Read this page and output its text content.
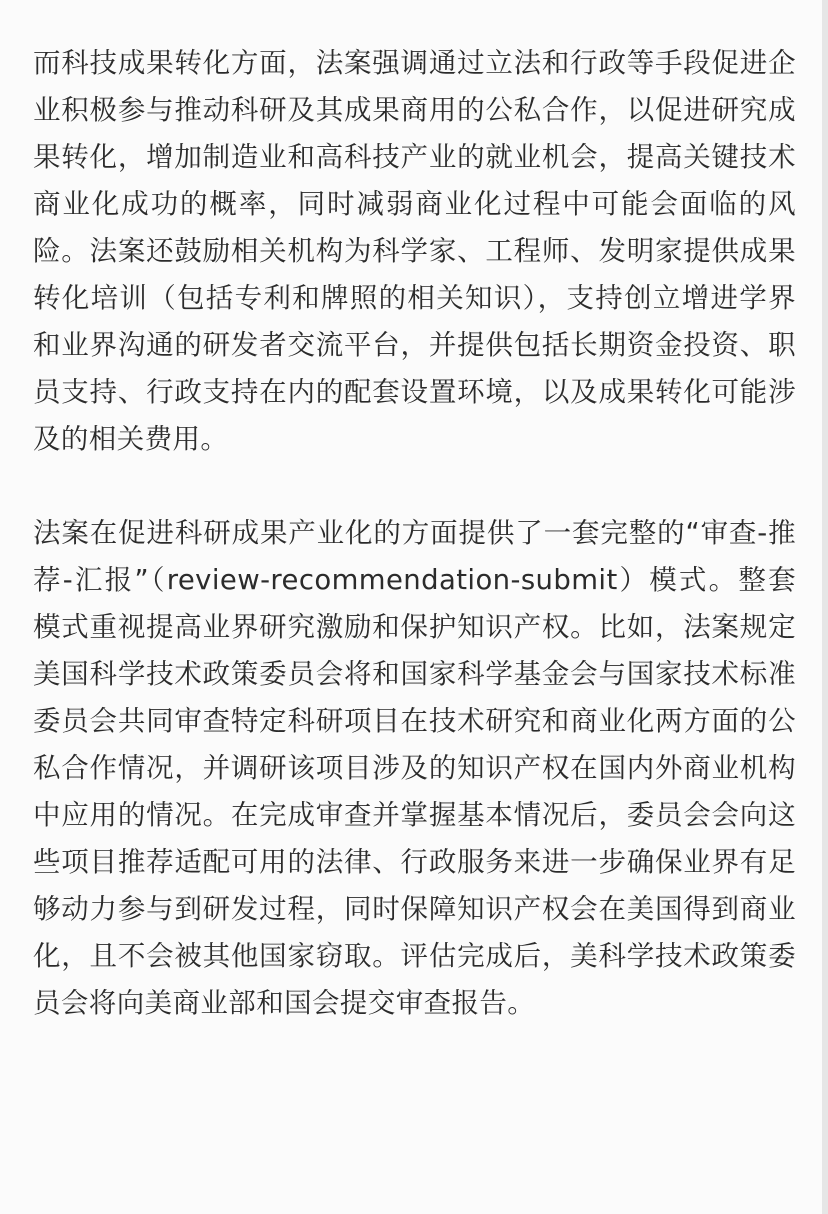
而科技成果转化方面，法案强调通过立法和行政等手段促进企业积极参与推动科研及其成果商用的公私合作，以促进研究成果转化，增加制造业和高科技产业的就业机会，提高关键技术商业化成功的概率，同时减弱商业化过程中可能会面临的风险。法案还鼓励相关机构为科学家、工程师、发明家提供成果转化培训（包括专利和牌照的相关知识），支持创立增进学界和业界沟通的研发者交流平台，并提供包括长期资金投资、职员支持、行政支持在内的配套设置环境，以及成果转化可能涉及的相关费用。

法案在促进科研成果产业化的方面提供了一套完整的“审查-推荐-汇报”（review-recommendation-submit）模式。整套模式重视提高业界研究激励和保护知识产权。比如，法案规定美国科学技术政策委员会将和国家科学基金会与国家技术标准委员会共同审查特定科研项目在技术研究和商业化两方面的公私合作情况，并调研该项目涉及的知识产权在国内外商业机构中应用的情况。在完成审查并掌握基本情况后，委员会会向这些项目推荐适配可用的法律、行政服务来进一步确保业界有足够动力参与到研发过程，同时保障知识产权会在美国得到商业化，且不会被其他国家窃取。评估完成后，美科学技术政策委员会将向美商业部和国会提交审查报告。
